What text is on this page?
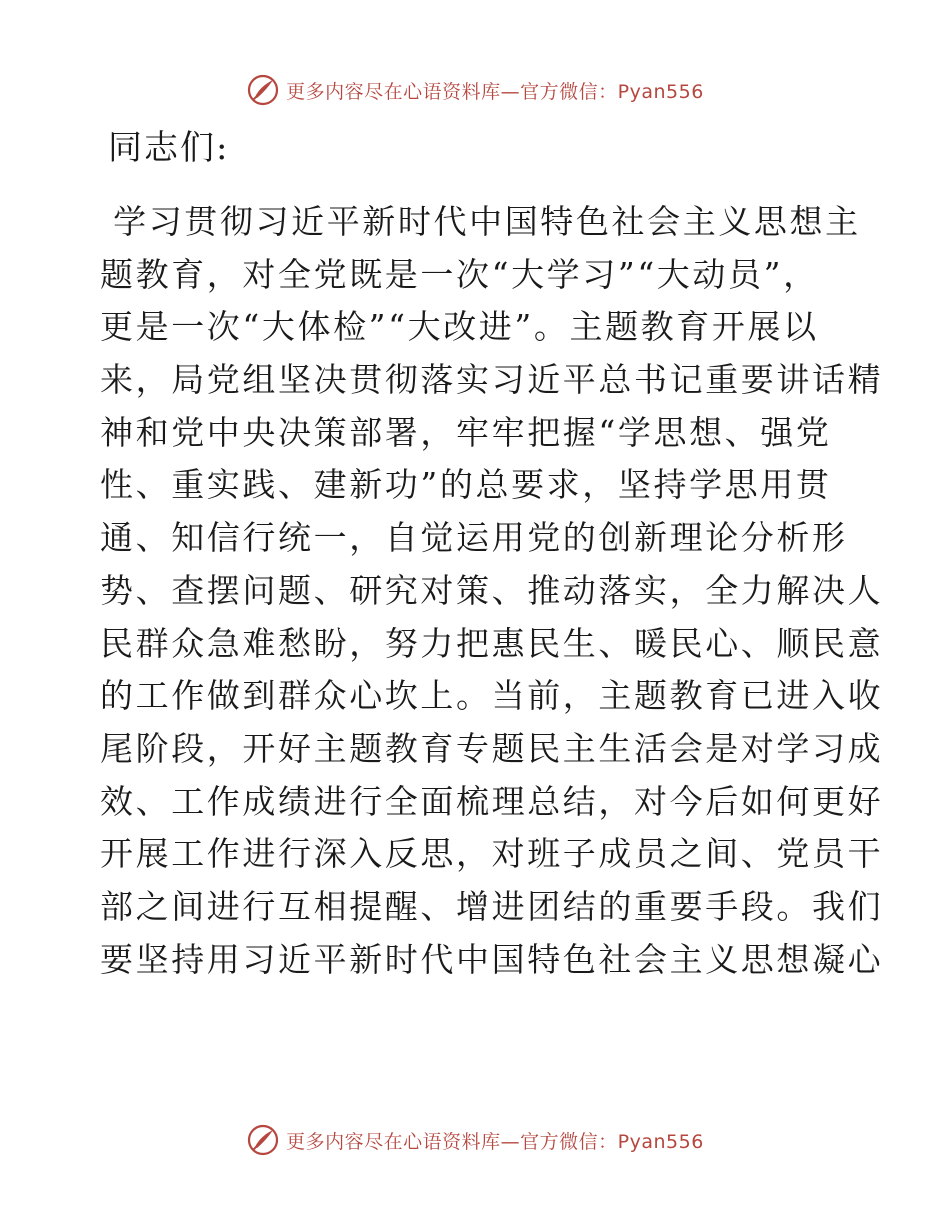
更多内容尽在心语资料库—官方微信：Pyan556
同志们:
学习贯彻习近平新时代中国特色社会主义思想主
题教育，对全党既是一次“大学习”“大动员”，
更是一次“大体检”“大改进”。主题教育开展以
来，局党组坚决贯彻落实习近平总书记重要讲话精
神和党中央决策部署，牢牢把握“学思想、强党
性、重实践、建新功”的总要求，坚持学思用贯
通、知信行统一，自觉运用党的创新理论分析形
势、查摆问题、研究对策、推动落实，全力解决人
民群众急难愁盼，努力把惠民生、暖民心、顺民意
的工作做到群众心坎上。当前，主题教育已进入收
尾阶段，开好主题教育专题民主生活会是对学习成
效、工作成绩进行全面梳理总结，对今后如何更好
开展工作进行深入反思，对班子成员之间、党员干
部之间进行互相提醒、增进团结的重要手段。我们
要坚持用习近平新时代中国特色社会主义思想凝心
更多内容尽在心语资料库—官方微信：Pyan556
